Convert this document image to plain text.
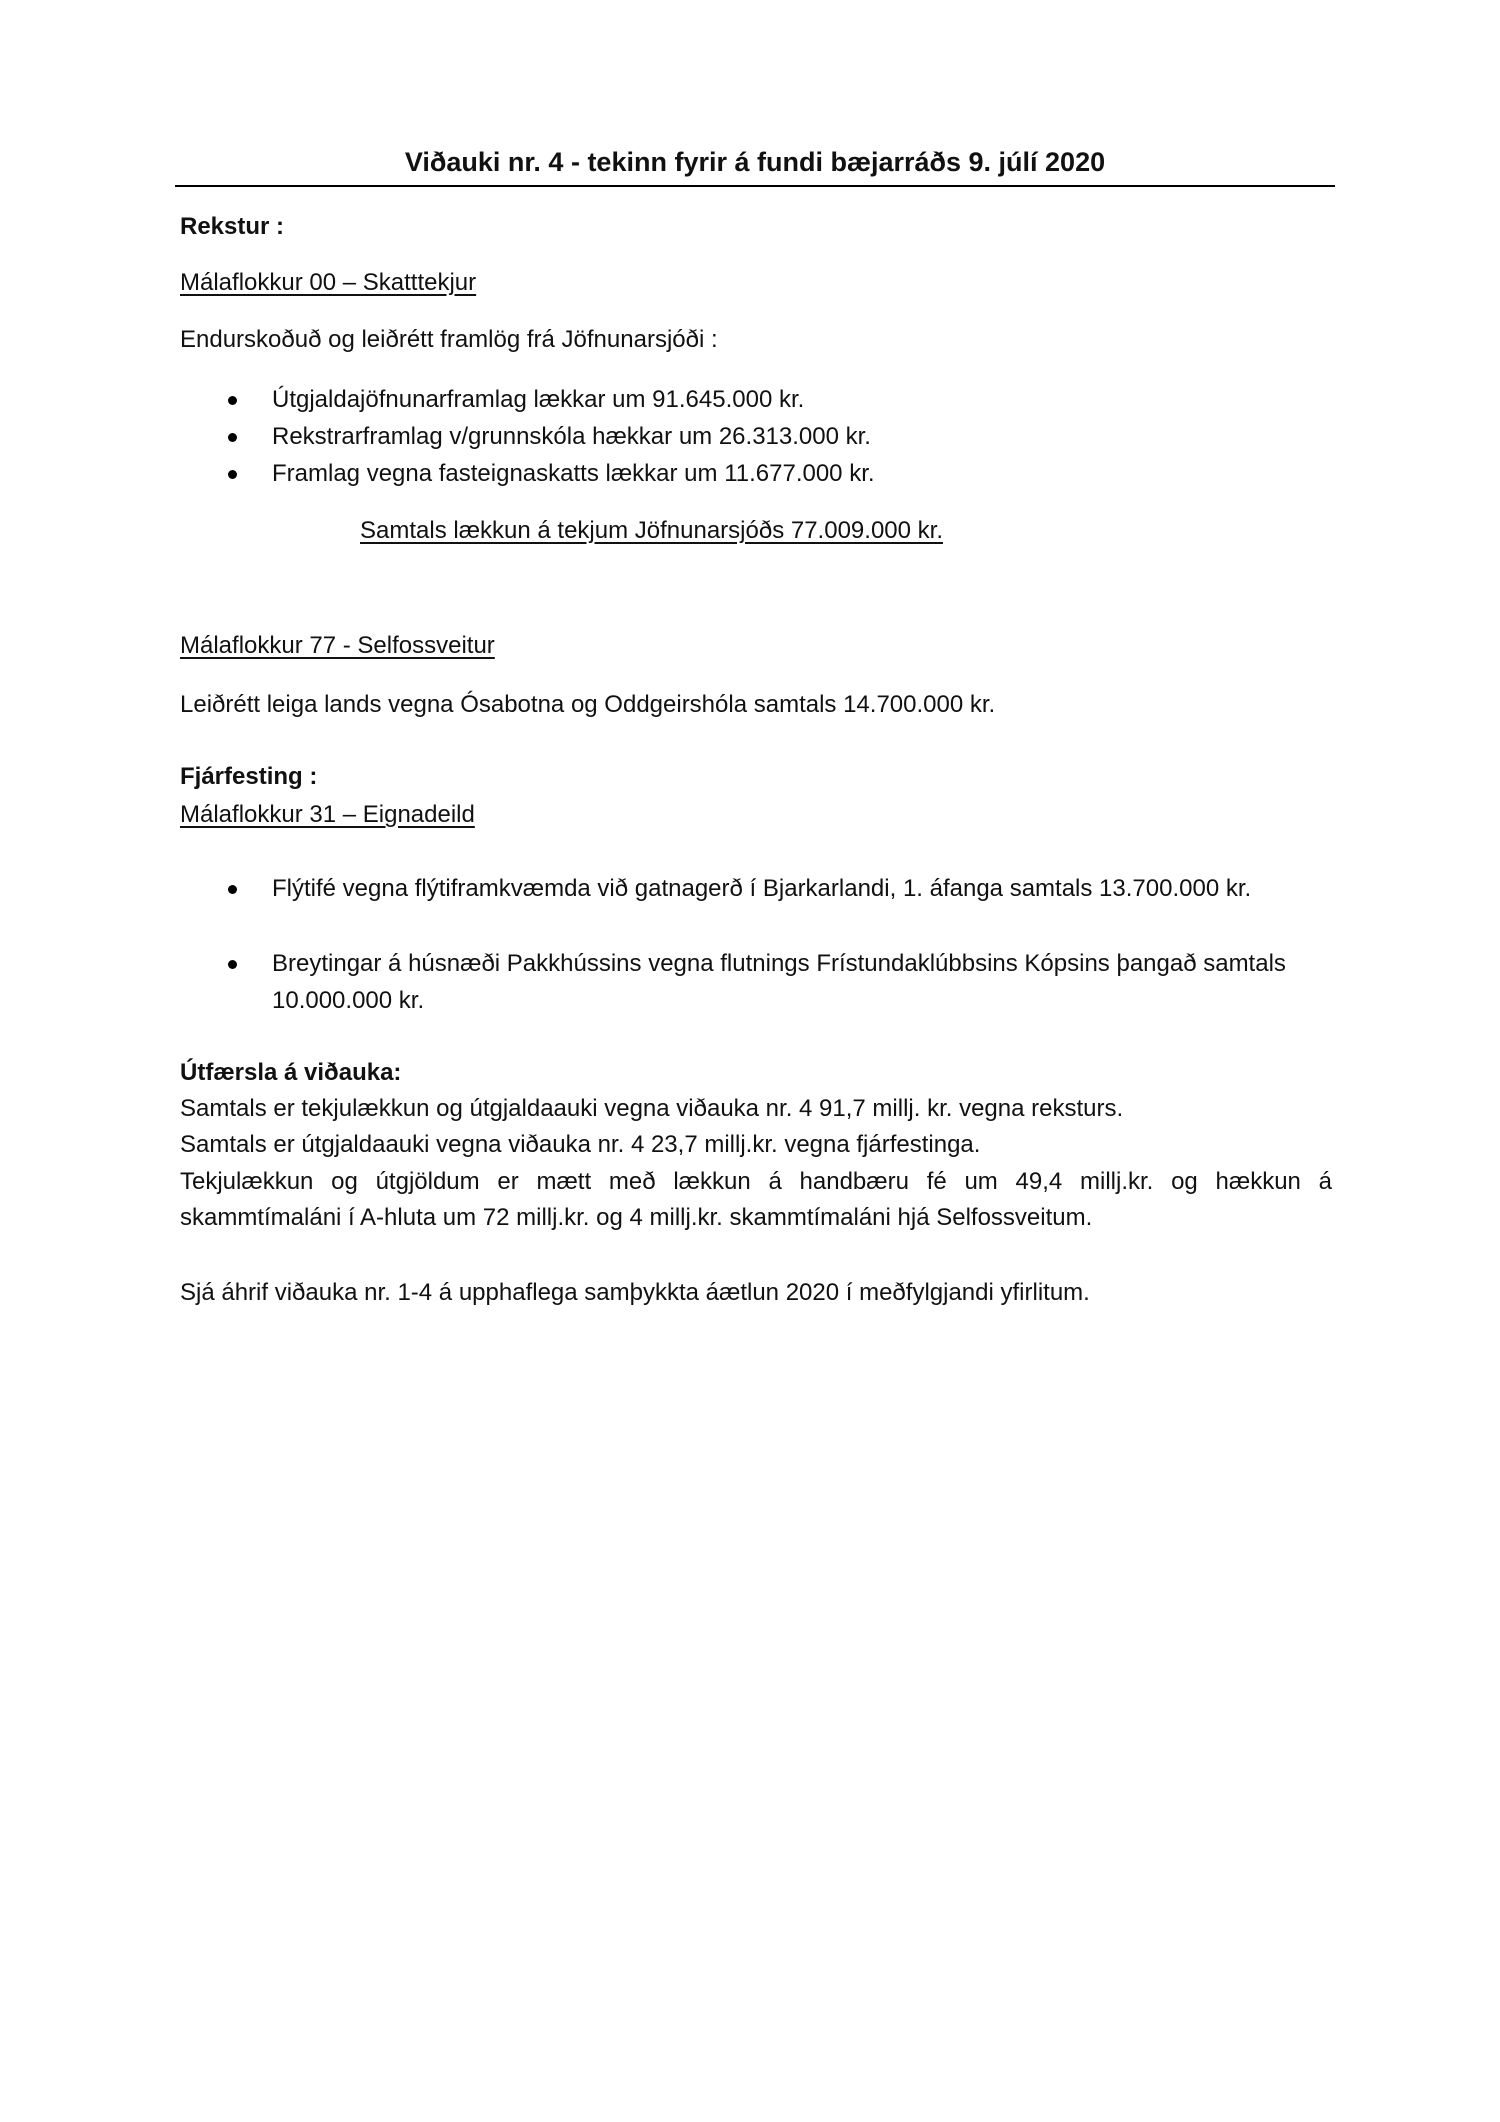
Viðauki nr. 4 - tekinn fyrir á fundi bæjarráðs 9. júlí 2020
Rekstur :
Málaflokkur 00 – Skatttekjur
Endurskoðuð og leiðrétt framlög frá Jöfnunarsjóði :
Útgjaldajöfnunarframlag lækkar um 91.645.000 kr.
Rekstrarframlag v/grunnskóla hækkar um 26.313.000 kr.
Framlag vegna fasteignaskatts lækkar um 11.677.000 kr.
Samtals lækkun á tekjum Jöfnunarsjóðs 77.009.000 kr.
Málaflokkur 77 - Selfossveitur
Leiðrétt leiga lands vegna Ósabotna og Oddgeirshóla samtals 14.700.000 kr.
Fjárfesting :
Málaflokkur 31 – Eignadeild
Flýtifé vegna flýtiframkvæmda við gatnagerð í Bjarkarlandi, 1. áfanga samtals 13.700.000 kr.
Breytingar á húsnæði Pakkhússins vegna flutnings Frístundaklúbbsins Kópsins þangað samtals 10.000.000 kr.
Útfærsla á viðauka:
Samtals er tekjulækkun og útgjaldaauki vegna viðauka nr. 4 91,7 millj. kr. vegna reksturs.
Samtals er útgjaldaauki vegna viðauka nr. 4 23,7 millj.kr. vegna fjárfestinga.
Tekjulækkun og útgjöldum er mætt með lækkun á handbæru fé um 49,4 millj.kr. og hækkun á skammtímaláni í A-hluta um 72 millj.kr. og 4 millj.kr. skammtímaláni hjá Selfossveitum.
Sjá áhrif viðauka nr. 1-4 á upphaflega samþykkta áætlun 2020 í meðfylgjandi yfirlitum.
